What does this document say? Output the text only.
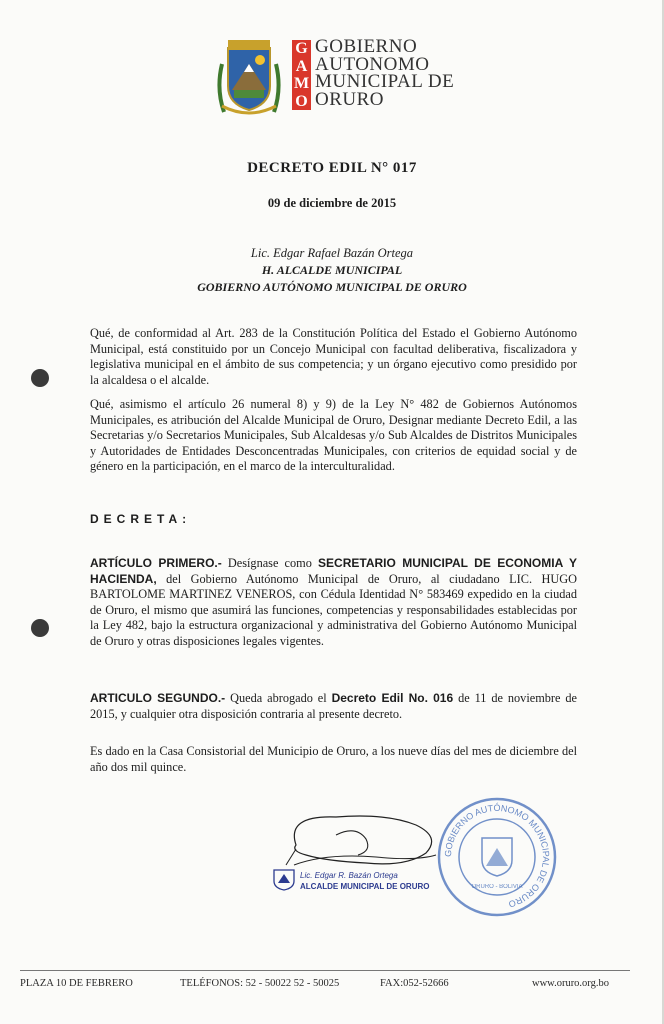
G
A
M
O
GOBIERNO
AUTONOMO
MUNICIPAL DE
ORURO
DECRETO EDIL N° 017
09 de diciembre de 2015
Lic. Edgar Rafael Bazán Ortega
H. ALCALDE MUNICIPAL
GOBIERNO AUTÓNOMO MUNICIPAL DE ORURO
Qué, de conformidad al Art. 283 de la Constitución Política del Estado el Gobierno Autónomo Municipal, está constituido por un Concejo Municipal con facultad deliberativa, fiscalizadora y legislativa municipal en el ámbito de sus competencia; y un órgano ejecutivo como presidido por la alcaldesa o el alcalde.
Qué, asimismo el artículo 26 numeral 8) y 9) de la Ley N° 482 de Gobiernos Autónomos Municipales, es atribución del Alcalde Municipal de Oruro, Designar mediante Decreto Edil, a las Secretarias y/o Secretarios Municipales, Sub Alcaldesas y/o Sub Alcaldes de Distritos Municipales y Autoridades de Entidades Desconcentradas Municipales, con criterios de equidad social y de género en la participación, en el marco de la interculturalidad.
DECRETA:
ARTÍCULO PRIMERO.- Desígnase como SECRETARIO MUNICIPAL DE ECONOMIA Y HACIENDA, del Gobierno Autónomo Municipal de Oruro, al ciudadano LIC. HUGO BARTOLOME MARTINEZ VENEROS, con Cédula Identidad N° 583469 expedido en la ciudad de Oruro, el mismo que asumirá las funciones, competencias y responsabilidades establecidas por la Ley 482, bajo la estructura organizacional y administrativa del Gobierno Autónomo Municipal de Oruro y otras disposiciones legales vigentes.
ARTICULO SEGUNDO.- Queda abrogado el Decreto Edil No. 016 de 11 de noviembre de 2015, y cualquier otra disposición contraria al presente decreto.
Es dado en la Casa Consistorial del Municipio de Oruro, a los nueve días del mes de diciembre del año dos mil quince.
Lic. Edgar R. Bazán Ortega
ALCALDE MUNICIPAL DE ORURO
GOBIERNO AUTÓNOMO MUNICIPAL DE ORURO
ORURO - BOLIVIA
PLAZA 10 DE FEBRERO	TELÉFONOS: 52 - 50022 52 - 50025	FAX:052-52666	www.oruro.org.bo
